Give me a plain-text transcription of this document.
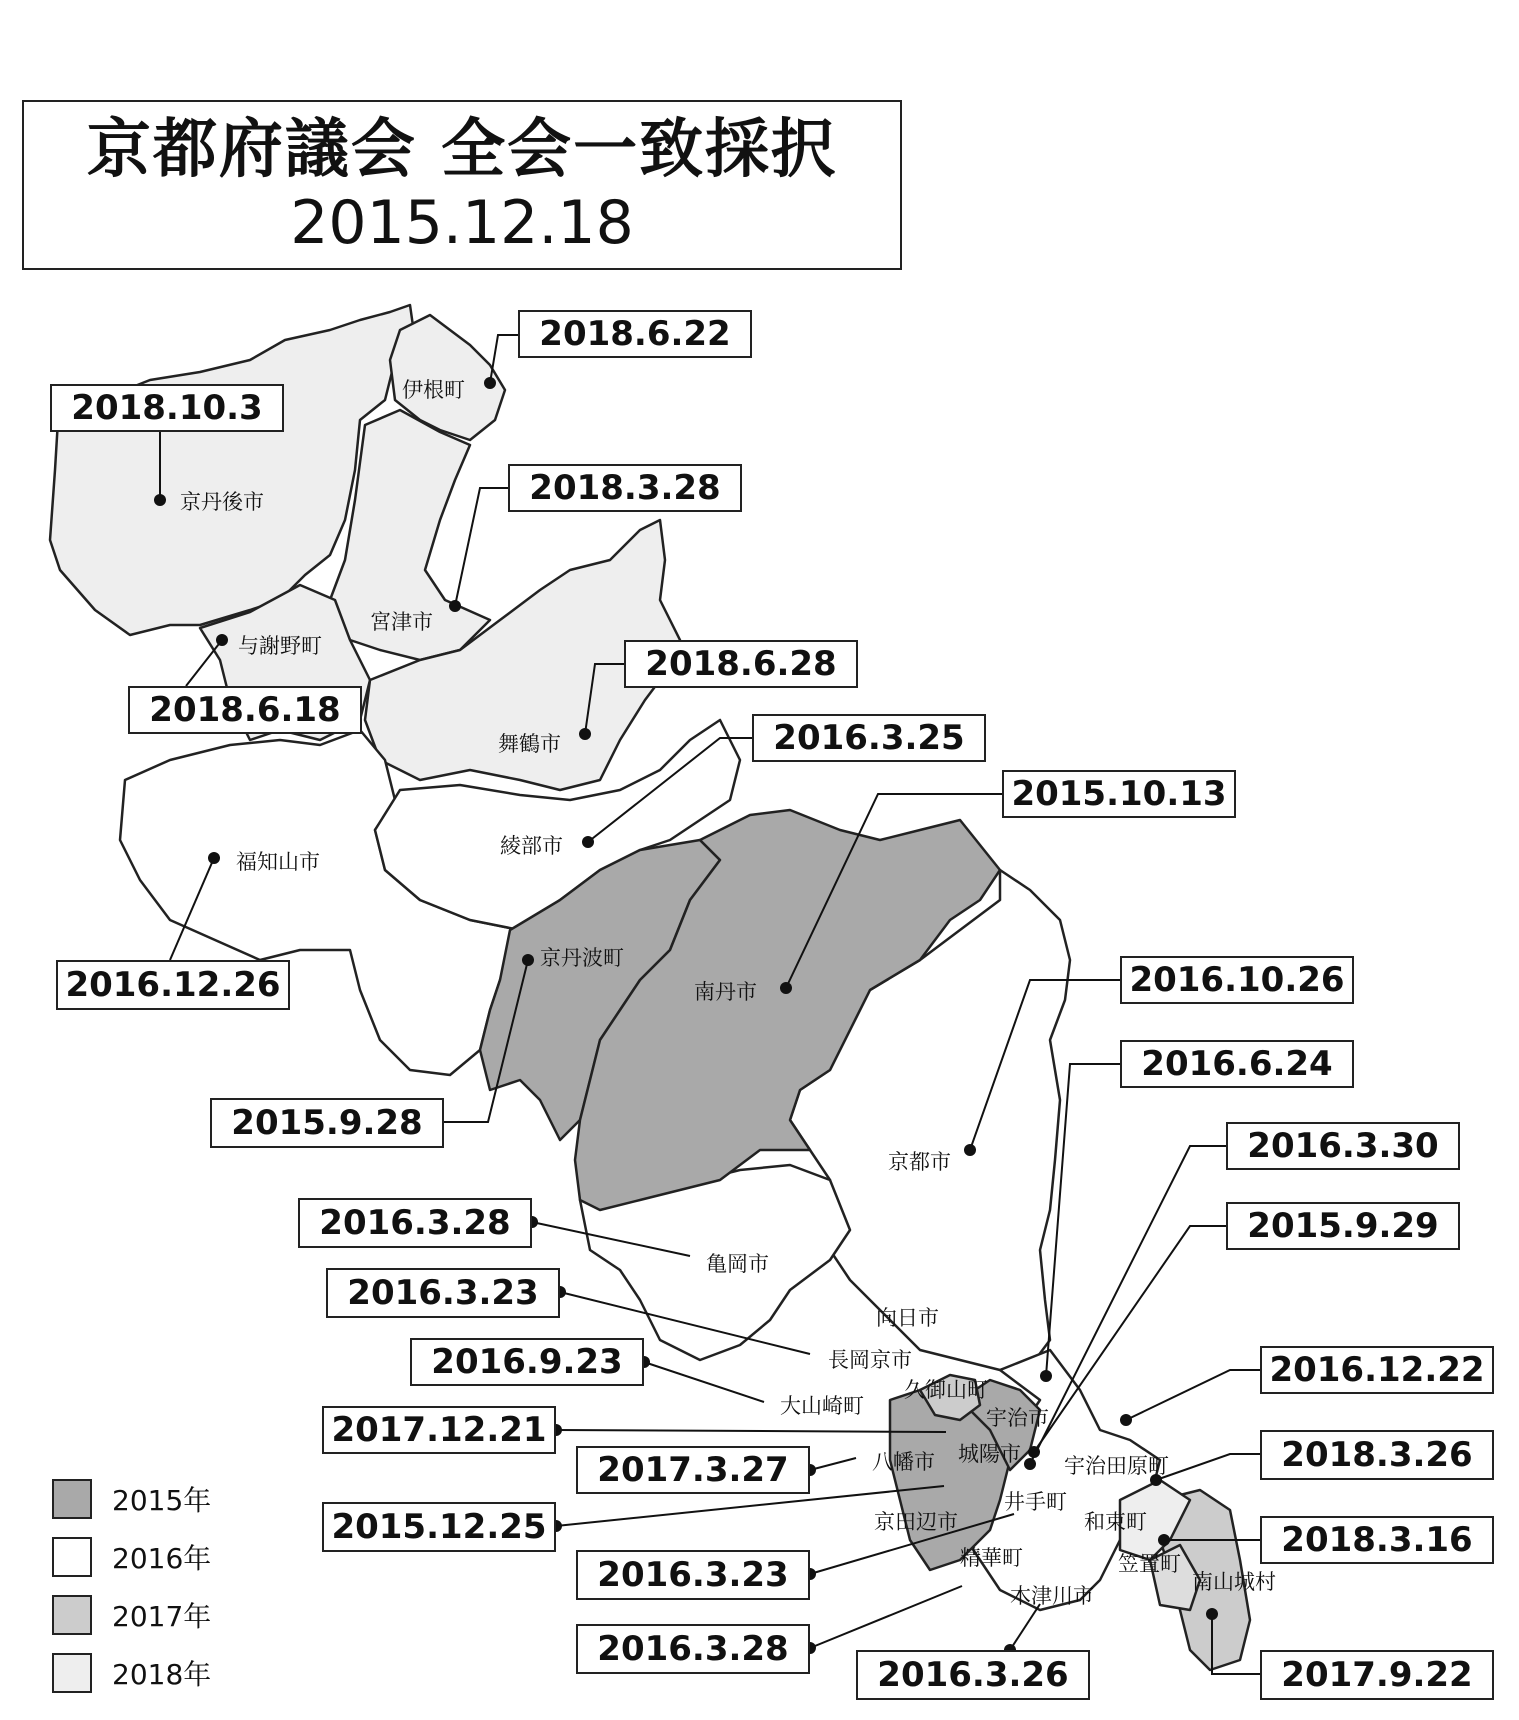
京都府議会 全会一致採択
2015.12.18
伊根町
京丹後市
宮津市
与謝野町
舞鶴市
綾部市
福知山市
京丹波町
南丹市
京都市
亀岡市
向日市
長岡京市
久御山町
大山崎町	宇治市
八幡市 城陽市 宇治田原町
井手町
京田辺市	和束町
精華町	笠置町
木津川市
南山城村
2018.6.22
2018.10.3
2018.3.28
2018.6.28
2018.6.18
2016.3.25
2015.10.13
2016.12.26	2016.10.26
2016.6.24
2015.9.28
2016.3.30
2015.9.29
2016.3.28
2016.3.23
2016.12.22
2016.9.23
2017.12.21
2018.3.26
2017.3.27
2015.12.25	2018.3.16
2016.3.23
2016.3.28
2016.3.26	2017.9.22
2015年
2016年
2017年
2018年
